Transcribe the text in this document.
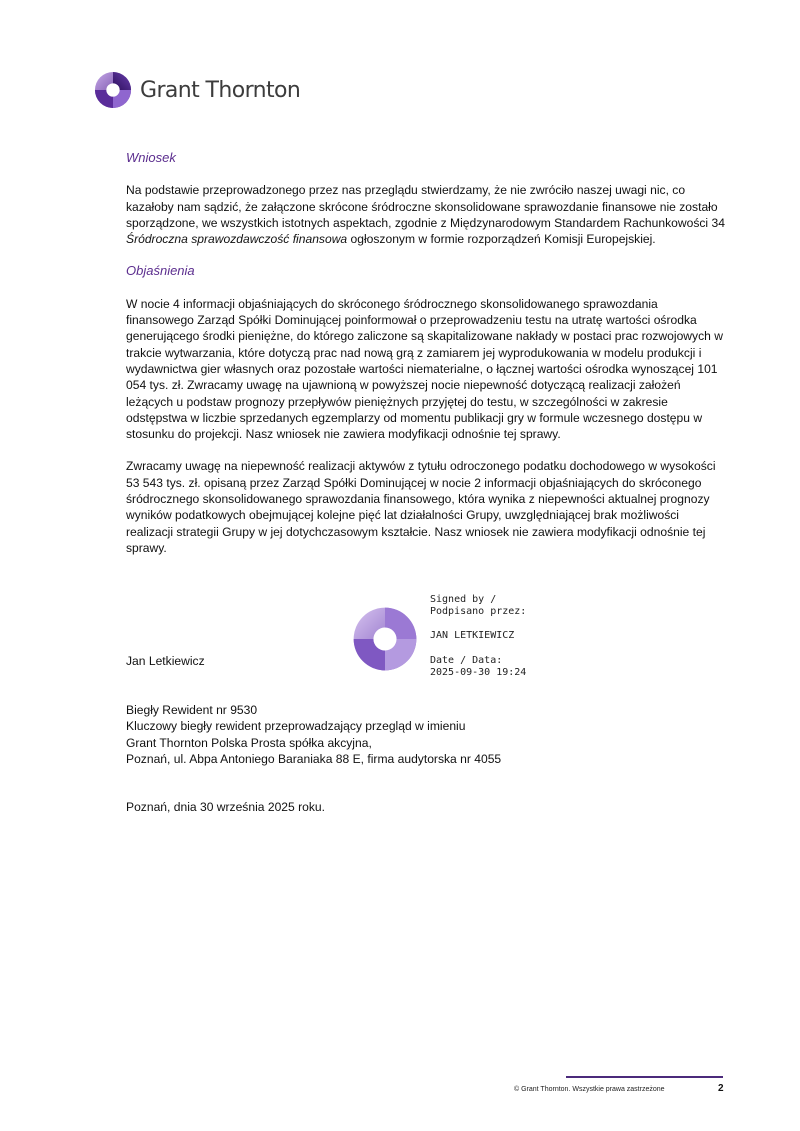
Grant Thornton

Wniosek

Na podstawie przeprowadzonego przez nas przeglądu stwierdzamy, że nie zwróciło naszej uwagi nic, co kazałoby nam sądzić, że załączone skrócone śródroczne skonsolidowane sprawozdanie finansowe nie zostało sporządzone, we wszystkich istotnych aspektach, zgodnie z Międzynarodowym Standardem Rachunkowości 34 Śródroczna sprawozdawczość finansowa ogłoszonym w formie rozporządzeń Komisji Europejskiej.

Objaśnienia

W nocie 4 informacji objaśniających do skróconego śródrocznego skonsolidowanego sprawozdania finansowego Zarząd Spółki Dominującej poinformował o przeprowadzeniu testu na utratę wartości ośrodka generującego środki pieniężne, do którego zaliczone są skapitalizowane nakłady w postaci prac rozwojowych w trakcie wytwarzania, które dotyczą prac nad nową grą z zamiarem jej wyprodukowania w modelu produkcji i wydawnictwa gier własnych oraz pozostałe wartości niematerialne, o łącznej wartości ośrodka wynoszącej 101 054 tys. zł. Zwracamy uwagę na ujawnioną w powyższej nocie niepewność dotyczącą realizacji założeń leżących u podstaw prognozy przepływów pieniężnych przyjętej do testu, w szczególności w zakresie odstępstwa w liczbie sprzedanych egzemplarzy od momentu publikacji gry w formule wczesnego dostępu w stosunku do projekcji. Nasz wniosek nie zawiera modyfikacji odnośnie tej sprawy.

Zwracamy uwagę na niepewność realizacji aktywów z tytułu odroczonego podatku dochodowego w wysokości 53 543 tys. zł. opisaną przez Zarząd Spółki Dominującej w nocie 2 informacji objaśniających do skróconego śródrocznego skonsolidowanego sprawozdania finansowego, która wynika z niepewności aktualnej prognozy wyników podatkowych obejmującej kolejne pięć lat działalności Grupy, uwzględniającej brak możliwości realizacji strategii Grupy w jej dotychczasowym kształcie. Nasz wniosek nie zawiera modyfikacji odnośnie tej sprawy.

Signed by /
Podpisano przez:
JAN LETKIEWICZ
Date / Data:
2025-09-30 19:24
Jan Letkiewicz
Biegły Rewident nr 9530
Kluczowy biegły rewident przeprowadzający przegląd w imieniu
Grant Thornton Polska Prosta spółka akcyjna,
Poznań, ul. Abpa Antoniego Baraniaka 88 E, firma audytorska nr 4055
Poznań, dnia 30 września 2025 roku.
© Grant Thornton. Wszystkie prawa zastrzeżone	2
